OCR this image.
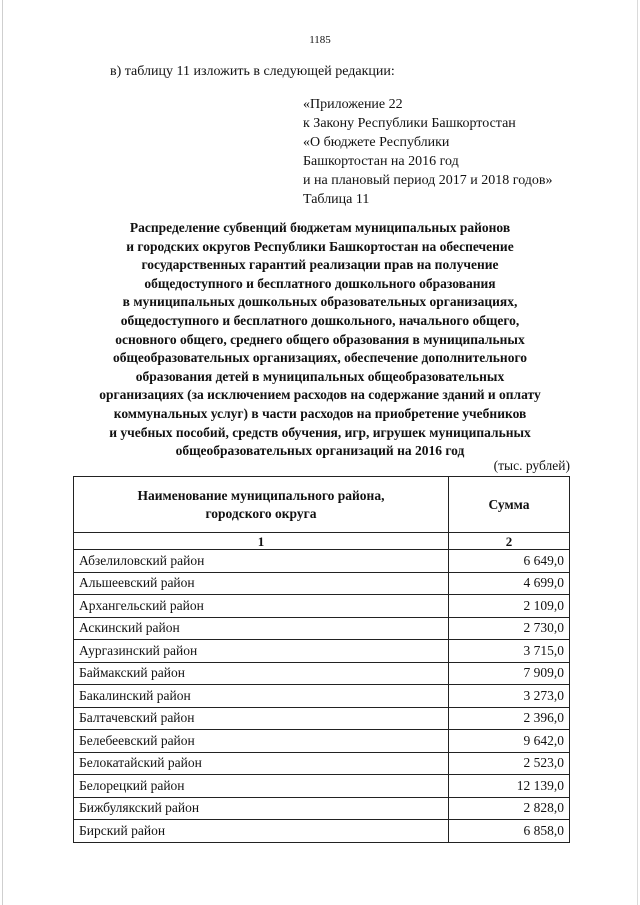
1185
в) таблицу 11 изложить в следующей редакции:
«Приложение 22
к Закону Республики Башкортостан
«О бюджете Республики
Башкортостан на 2016 год
и на плановый период 2017 и 2018 годов»
Таблица 11
Распределение субвенций бюджетам муниципальных районов
и городских округов Республики Башкортостан на обеспечение
государственных гарантий реализации прав на получение
общедоступного и бесплатного дошкольного образования
в муниципальных дошкольных образовательных организациях,
общедоступного и бесплатного дошкольного, начального общего,
основного общего, среднего общего образования в муниципальных
общеобразовательных организациях, обеспечение дополнительного
образования детей в муниципальных общеобразовательных
организациях (за исключением расходов на содержание зданий и оплату
коммунальных услуг) в части расходов на приобретение учебников
и учебных пособий, средств обучения, игр, игрушек муниципальных
общеобразовательных организаций на 2016 год
(тыс. рублей)
Наименование муниципального района,
городского округа	Сумма
1	2
Абзелиловский район	6 649,0
Альшеевский район	4 699,0
Архангельский район	2 109,0
Аскинский район	2 730,0
Аургазинский район	3 715,0
Баймакский район	7 909,0
Бакалинский район	3 273,0
Балтачевский район	2 396,0
Белебеевский район	9 642,0
Белокатайский район	2 523,0
Белорецкий район	12 139,0
Бижбулякский район	2 828,0
Бирский район	6 858,0
